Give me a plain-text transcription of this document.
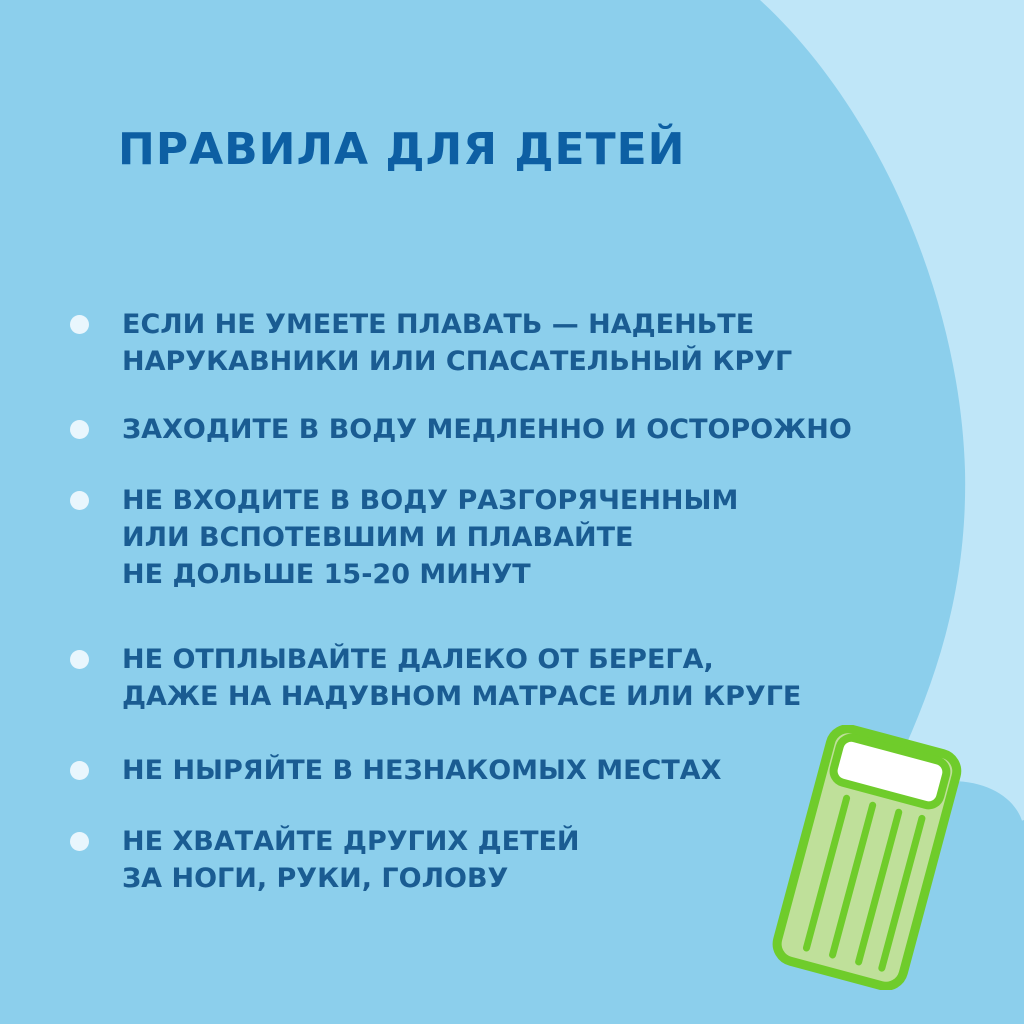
ПРАВИЛА ДЛЯ ДЕТЕЙ
ЕСЛИ НЕ УМЕЕТЕ ПЛАВАТЬ — НАДЕНЬТЕ
НАРУКАВНИКИ ИЛИ СПАСАТЕЛЬНЫЙ КРУГ
ЗАХОДИТЕ В ВОДУ МЕДЛЕННО И ОСТОРОЖНО
НЕ ВХОДИТЕ В ВОДУ РАЗГОРЯЧЕННЫМ
ИЛИ ВСПОТЕВШИМ И ПЛАВАЙТЕ
НЕ ДОЛЬШЕ 15-20 МИНУТ
НЕ ОТПЛЫВАЙТЕ ДАЛЕКО ОТ БЕРЕГА,
ДАЖЕ НА НАДУВНОМ МАТРАСЕ ИЛИ КРУГЕ
НЕ НЫРЯЙТЕ В НЕЗНАКОМЫХ МЕСТАХ
НЕ ХВАТАЙТЕ ДРУГИХ ДЕТЕЙ
ЗА НОГИ, РУКИ, ГОЛОВУ
